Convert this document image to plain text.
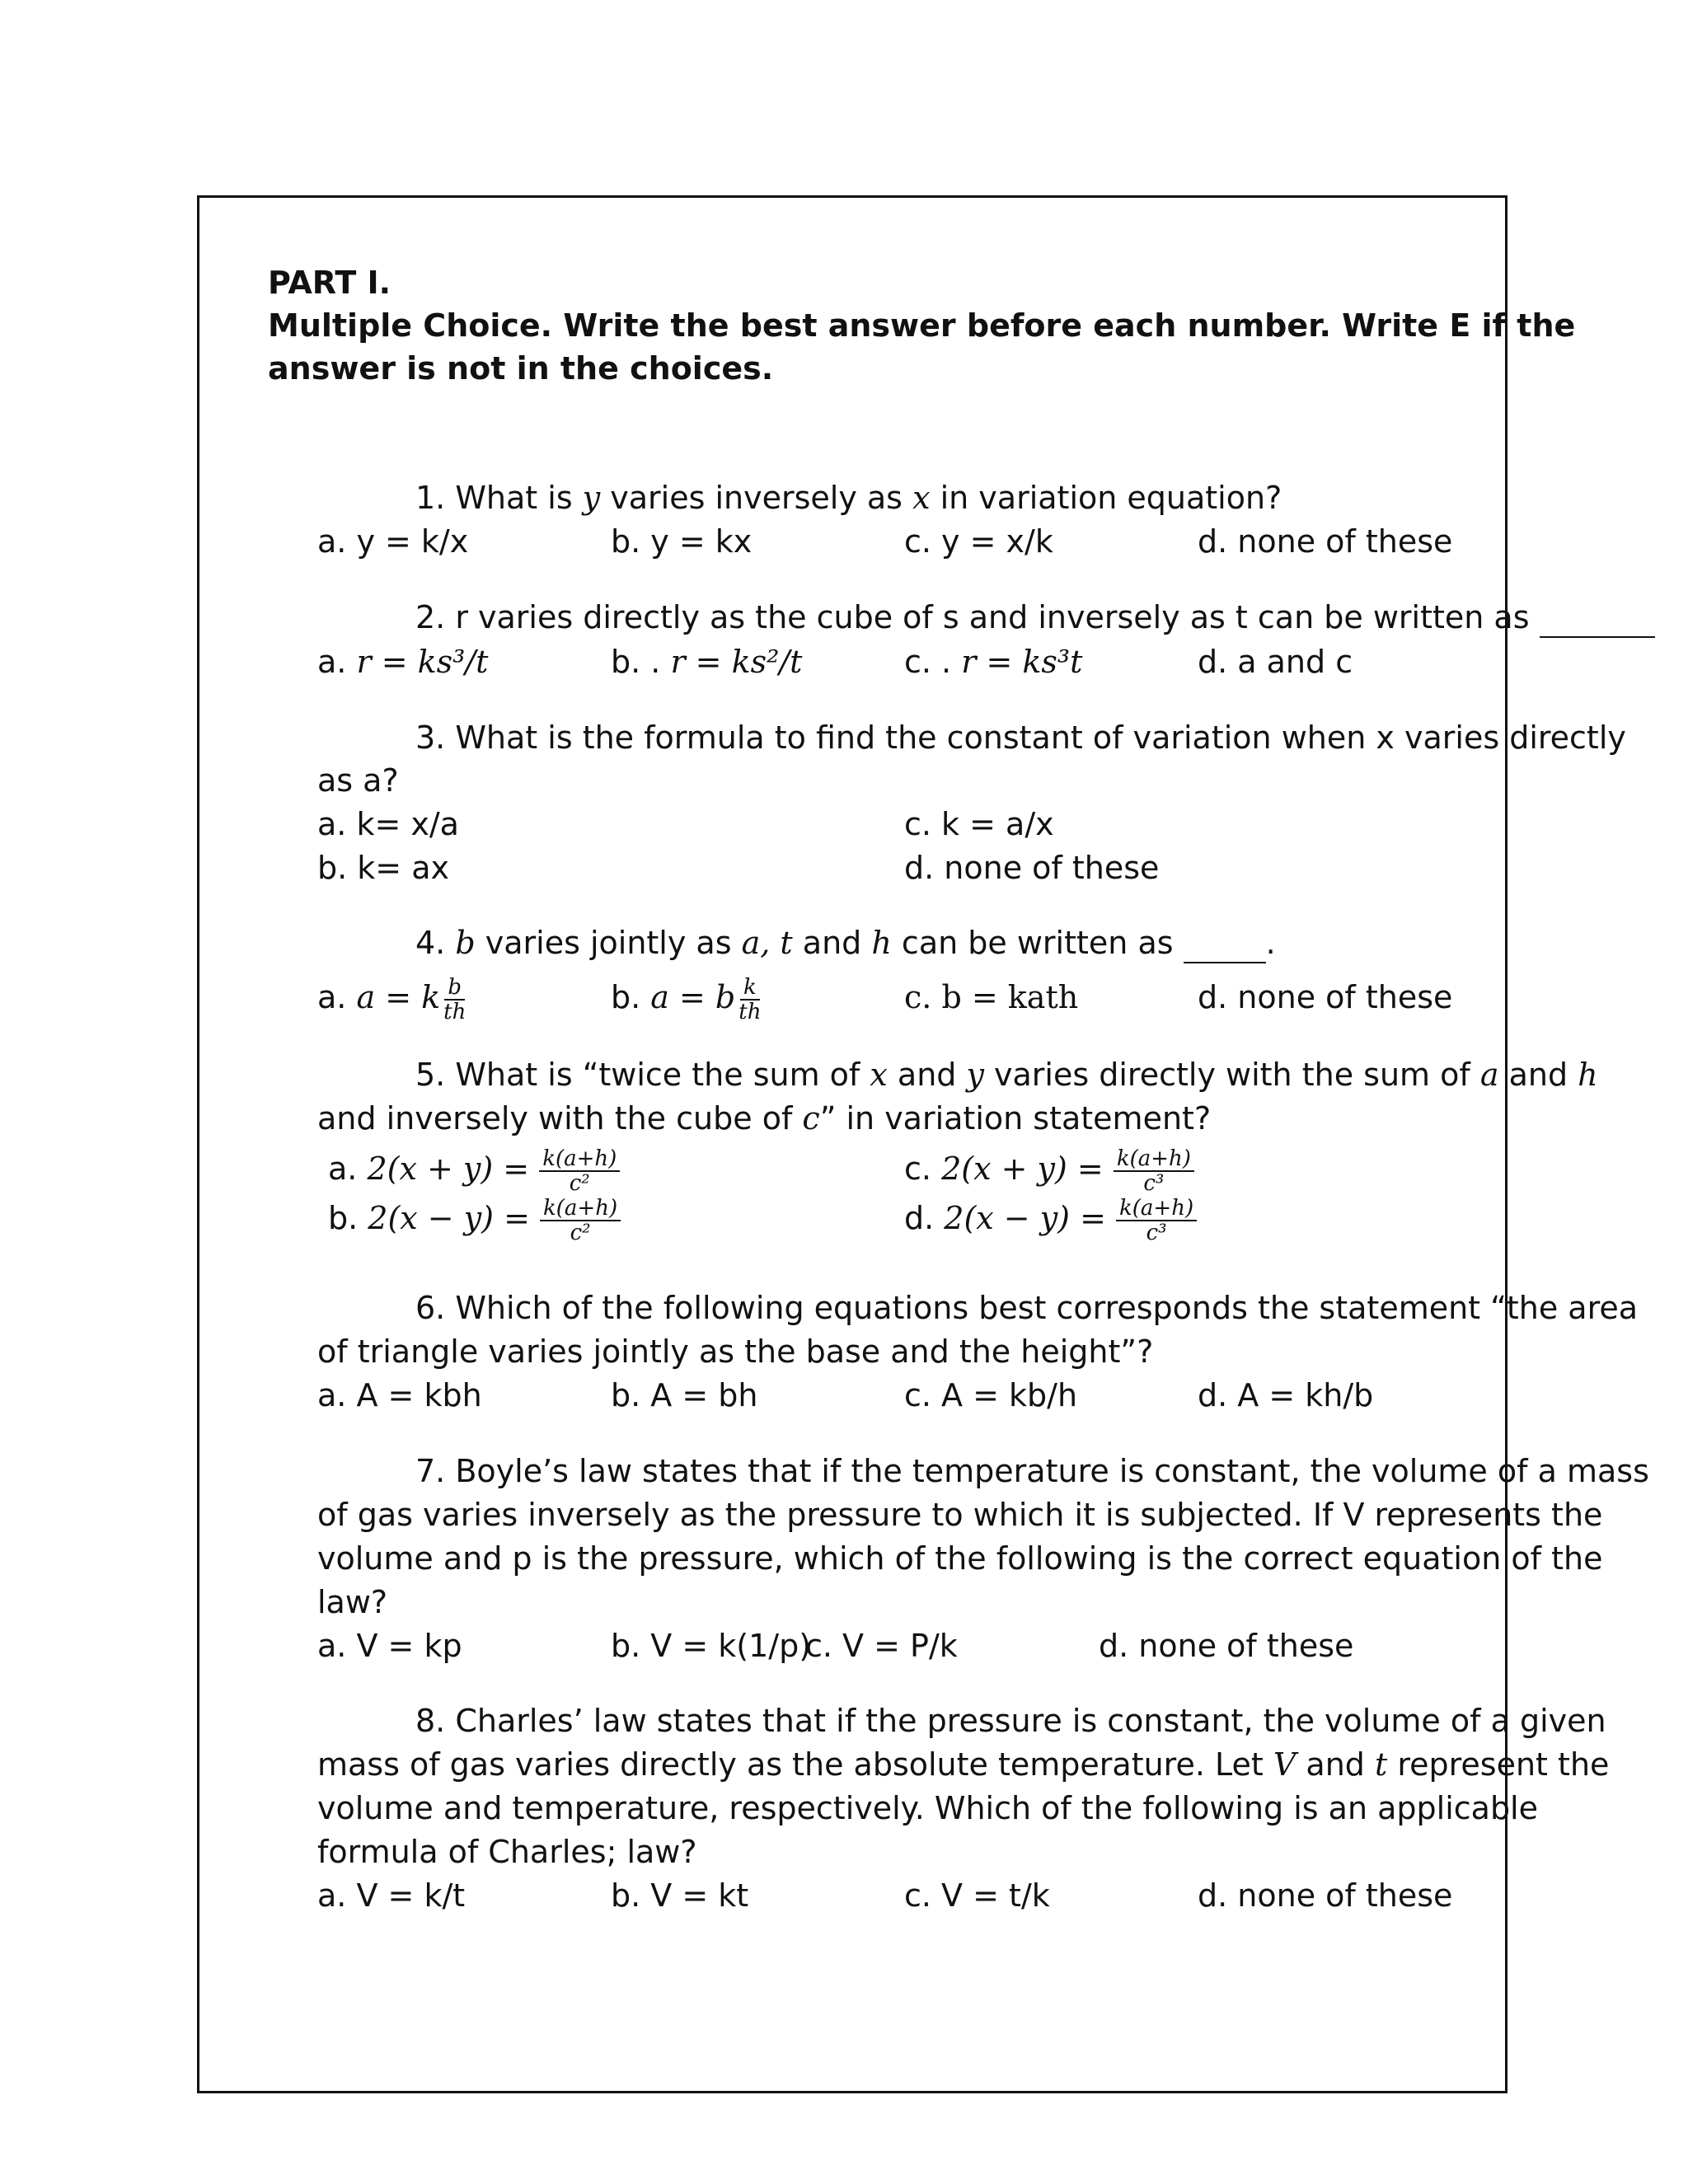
PART I.
Multiple Choice. Write the best answer before each number. Write E if the
answer is not in the choices.
1. What is y varies inversely as x in variation equation?
a. y = k/x	b. y = kx	c. y = x/k	d. none of these
2. r varies directly as the cube of s and inversely as t can be written as
a. r = ks³/t	b. . r = ks²/t	c. . r = ks³t	d. a and c
3. What is the formula to find the constant of variation when x varies directly
as a?
a. k= x/a	c. k = a/x
b. k= ax	d. none of these
4. b varies jointly as a, t and h can be written as	.
a. a = k $\frac{b}{th}$	b. a = b $\frac{k}{th}$	c. b = kath	d. none of these
5. What is “twice the sum of x and y varies directly with the sum of a and h
and inversely with the cube of c” in variation statement?
a. $2(x + y) = \frac{k(a+h)}{\text{c²}}$	c. $2(x + y) = \frac{k(a+h)}{\text{c³}}$
b. $2(x - y) = \frac{k(a+h)}{\text{c²}}$	d. $2(x - y) = \frac{k(a+h)}{\text{c³}}$
6. Which of the following equations best corresponds the statement “the area
of triangle varies jointly as the base and the height”?
a. A = kbh	b. A = bh	c. A = kb/h	d. A = kh/b
7. Boyle’s law states that if the temperature is constant, the volume of a mass
of gas varies inversely as the pressure to which it is subjected. If V represents the
volume and p is the pressure, which of the following is the correct equation of the
law?
a. V = kp	b. V = k(1/p)
c. V = P/k	d. none of these
8. Charles’ law states that if the pressure is constant, the volume of a given
mass of gas varies directly as the absolute temperature. Let V and t represent the
volume and temperature, respectively. Which of the following is an applicable
formula of Charles; law?
a. V = k/t	b. V = kt	c. V = t/k	d. none of these
